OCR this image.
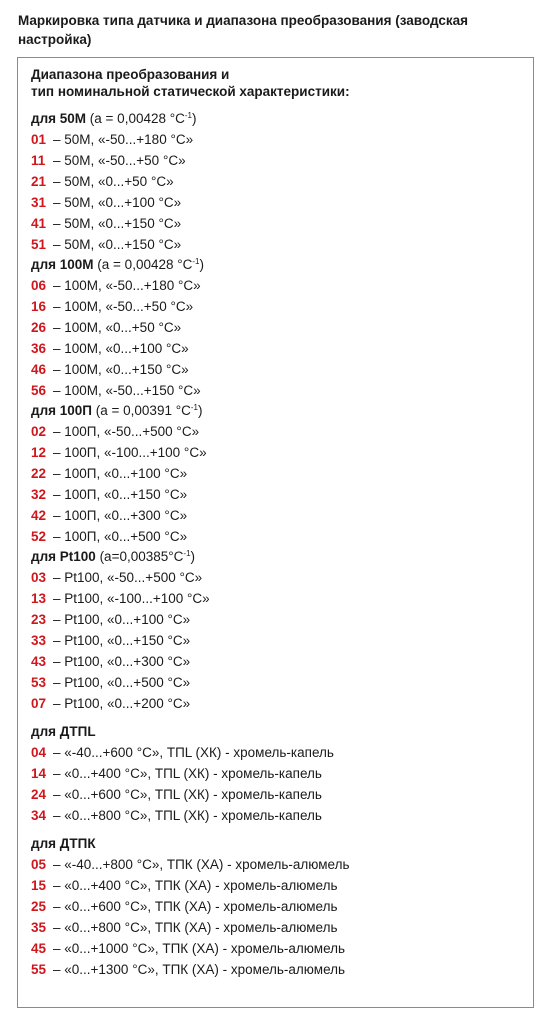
Маркировка типа датчика и диапазона преобразования (заводская настройка)
Диапазона преобразования и
тип номинальной статической характеристики:
для 50М (a = 0,00428 $^\circ С^{-1}$)
01 – 50М, «-50...+180 °С»
11 – 50М, «-50...+50 °С»
21 – 50М, «0...+50 °С»
31 – 50М, «0...+100 °С»
41 – 50М, «0...+150 °С»
51 – 50М, «0...+150 °С»
для 100М (a = 0,00428 $^\circ С^{-1}$)
06 – 100М, «-50...+180 °С»
16 – 100М, «-50...+50 °С»
26 – 100М, «0...+50 °С»
36 – 100М, «0...+100 °С»
46 – 100М, «0...+150 °С»
56 – 100М, «-50...+150 °С»
для 100П (a = 0,00391 $^\circ С^{-1}$)
02 – 100П, «-50...+500 °С»
12 – 100П, «-100...+100 °С»
22 – 100П, «0...+100 °С»
32 – 100П, «0...+150 °С»
42 – 100П, «0...+300 °С»
52 – 100П, «0...+500 °С»
для Pt100 $(a=0,00385^\circ С^{-1})$
03 – Pt100, «-50...+500 °С»
13 – Pt100, «-100...+100 °С»
23 – Pt100, «0...+100 °С»
33 – Pt100, «0...+150 °С»
43 – Pt100, «0...+300 °С»
53 – Pt100, «0...+500 °С»
07 – Pt100, «0...+200 °С»
для ДТПL
04 – «-40...+600 °С», ТПL (ХК) - хромель-капель
14 – «0...+400 °С», ТПL (ХК) - хромель-капель
24 – «0...+600 °С», ТПL (ХК) - хромель-капель
34 – «0...+800 °С», ТПL (ХК) - хромель-капель
для ДТПК
05 – «-40...+800 °С», ТПК (ХА) - хромель-алюмель
15 – «0...+400 °С», ТПК (ХА) - хромель-алюмель
25 – «0...+600 °С», ТПК (ХА) - хромель-алюмель
35 – «0...+800 °С», ТПК (ХА) - хромель-алюмель
45 – «0...+1000 °С», ТПК (ХА) - хромель-алюмель
55 – «0...+1300 °С», ТПК (ХА) - хромель-алюмель
